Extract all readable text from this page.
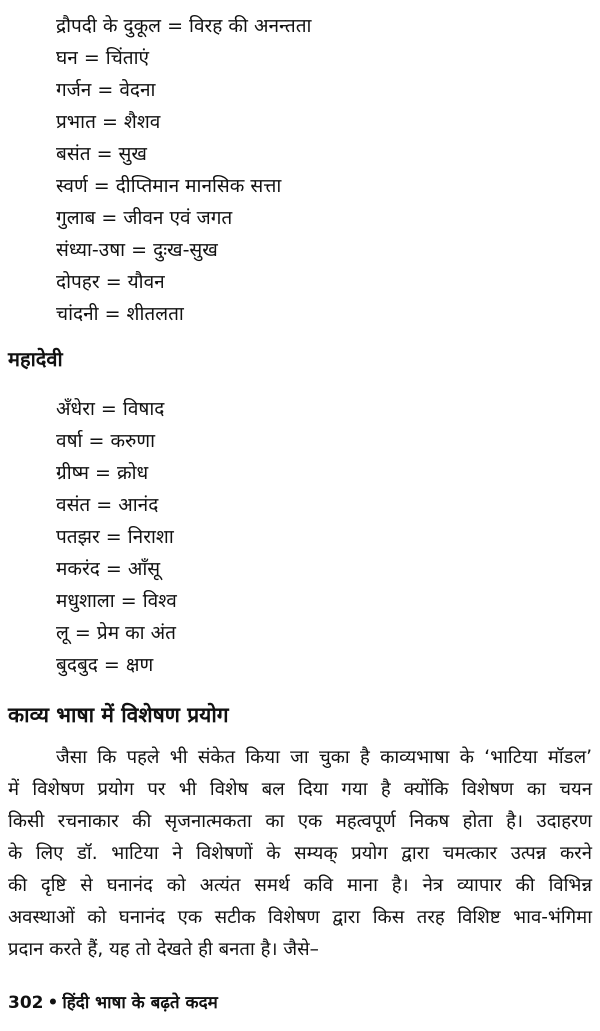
द्रौपदी के दुकूल = विरह की अनन्तता
घन = चिंताएं
गर्जन = वेदना
प्रभात = शैशव
बसंत = सुख
स्वर्ण = दीप्तिमान मानसिक सत्ता
गुलाब = जीवन एवं जगत
संध्या-उषा = दुःख-सुख
दोपहर = यौवन
चांदनी = शीतलता
महादेवी
अँधेरा = विषाद
वर्षा = करुणा
ग्रीष्म = क्रोध
वसंत = आनंद
पतझर = निराशा
मकरंद = आँसू
मधुशाला = विश्व
लू = प्रेम का अंत
बुदबुद = क्षण
काव्य भाषा में विशेषण प्रयोग

जैसा कि पहले भी संकेत किया जा चुका है काव्यभाषा के ‘भाटिया मॉडल’
में विशेषण प्रयोग पर भी विशेष बल दिया गया है क्योंकि विशेषण का चयन
किसी रचनाकार की सृजनात्मकता का एक महत्वपूर्ण निकष होता है। उदाहरण
के लिए डॉ. भाटिया ने विशेषणों के सम्यक् प्रयोग द्वारा चमत्कार उत्पन्न करने
की दृष्टि से घनानंद को अत्यंत समर्थ कवि माना है। नेत्र व्यापार की विभिन्न
अवस्थाओं को घनानंद एक सटीक विशेषण द्वारा किस तरह विशिष्ट भाव-भंगिमा
प्रदान करते हैं, यह तो देखते ही बनता है। जैसे–

302 • हिंदी भाषा के बढ़ते कदम
